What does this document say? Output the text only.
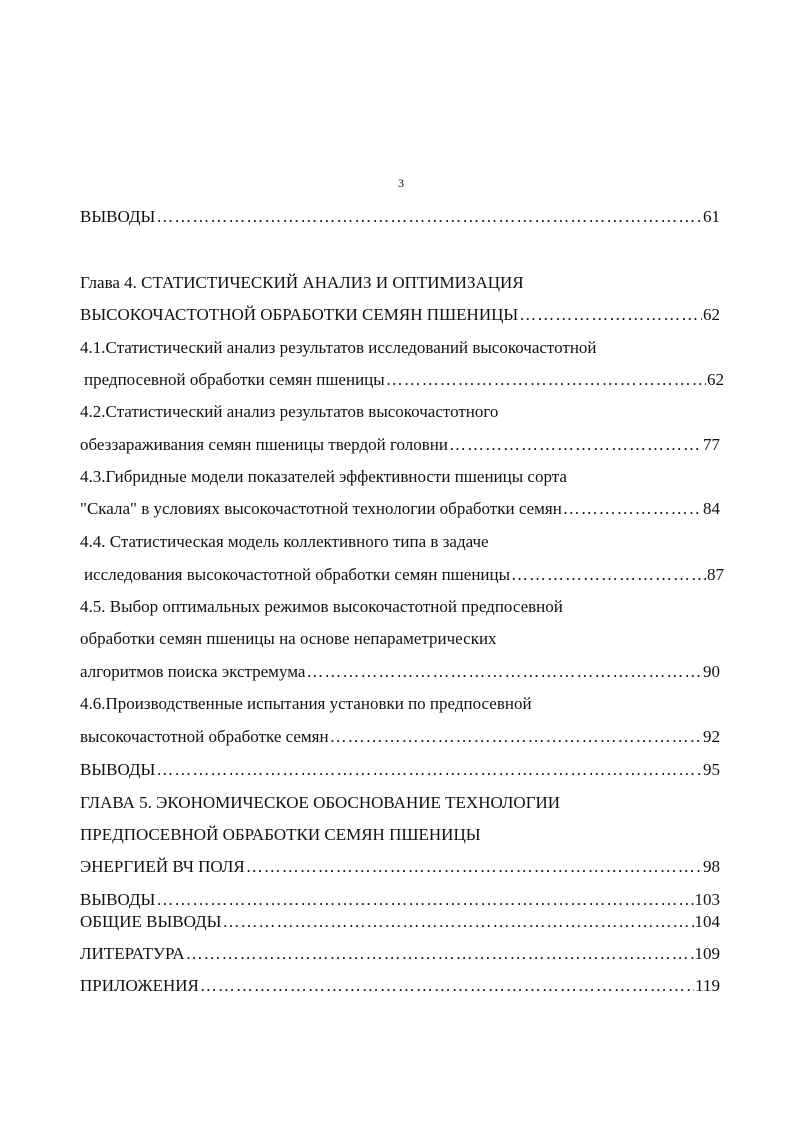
3
ВЫВОДЫ …………………………………………………………………………………………………………………………………………………………………………………………………………	61
Глава 4. СТАТИСТИЧЕСКИЙ АНАЛИЗ И ОПТИМИЗАЦИЯ
ВЫСОКОЧАСТОТНОЙ ОБРАБОТКИ СЕМЯН ПШЕНИЦЫ …………………………………………………………………………………………………………………………………………………………………………………………………………	62
4.1.Статистический анализ результатов исследований высокочастотной
предпосевной обработки семян пшеницы …………………………………………………………………………………………………………………………………………………………………………………………………………	62
4.2.Статистический анализ результатов высокочастотного
обеззараживания семян пшеницы твердой головни …………………………………………………………………………………………………………………………………………………………………………………………………………	77
4.3.Гибридные модели показателей эффективности пшеницы сорта
"Скала" в условиях высокочастотной технологии обработки семян …………………………………………………………………………………………………………………………………………………………………………………………………………	84
4.4. Статистическая модель коллективного типа в задаче
исследования высокочастотной обработки семян пшеницы …………………………………………………………………………………………………………………………………………………………………………………………………………	87
4.5. Выбор оптимальных режимов высокочастотной предпосевной
обработки семян пшеницы на основе непараметрических
алгоритмов поиска экстремума …………………………………………………………………………………………………………………………………………………………………………………………………………	90
4.6.Производственные испытания установки по предпосевной
высокочастотной обработке семян …………………………………………………………………………………………………………………………………………………………………………………………………………	92
ВЫВОДЫ …………………………………………………………………………………………………………………………………………………………………………………………………………	95
ГЛАВА 5. ЭКОНОМИЧЕСКОЕ ОБОСНОВАНИЕ ТЕХНОЛОГИИ
ПРЕДПОСЕВНОЙ ОБРАБОТКИ СЕМЯН ПШЕНИЦЫ
ЭНЕРГИЕЙ ВЧ ПОЛЯ …………………………………………………………………………………………………………………………………………………………………………………………………………	98
ВЫВОДЫ …………………………………………………………………………………………………………………………………………………………………………………………………………	103
ОБЩИЕ ВЫВОДЫ …………………………………………………………………………………………………………………………………………………………………………………………………………	104
ЛИТЕРАТУРА …………………………………………………………………………………………………………………………………………………………………………………………………………	109
ПРИЛОЖЕНИЯ …………………………………………………………………………………………………………………………………………………………………………………………………………	119
